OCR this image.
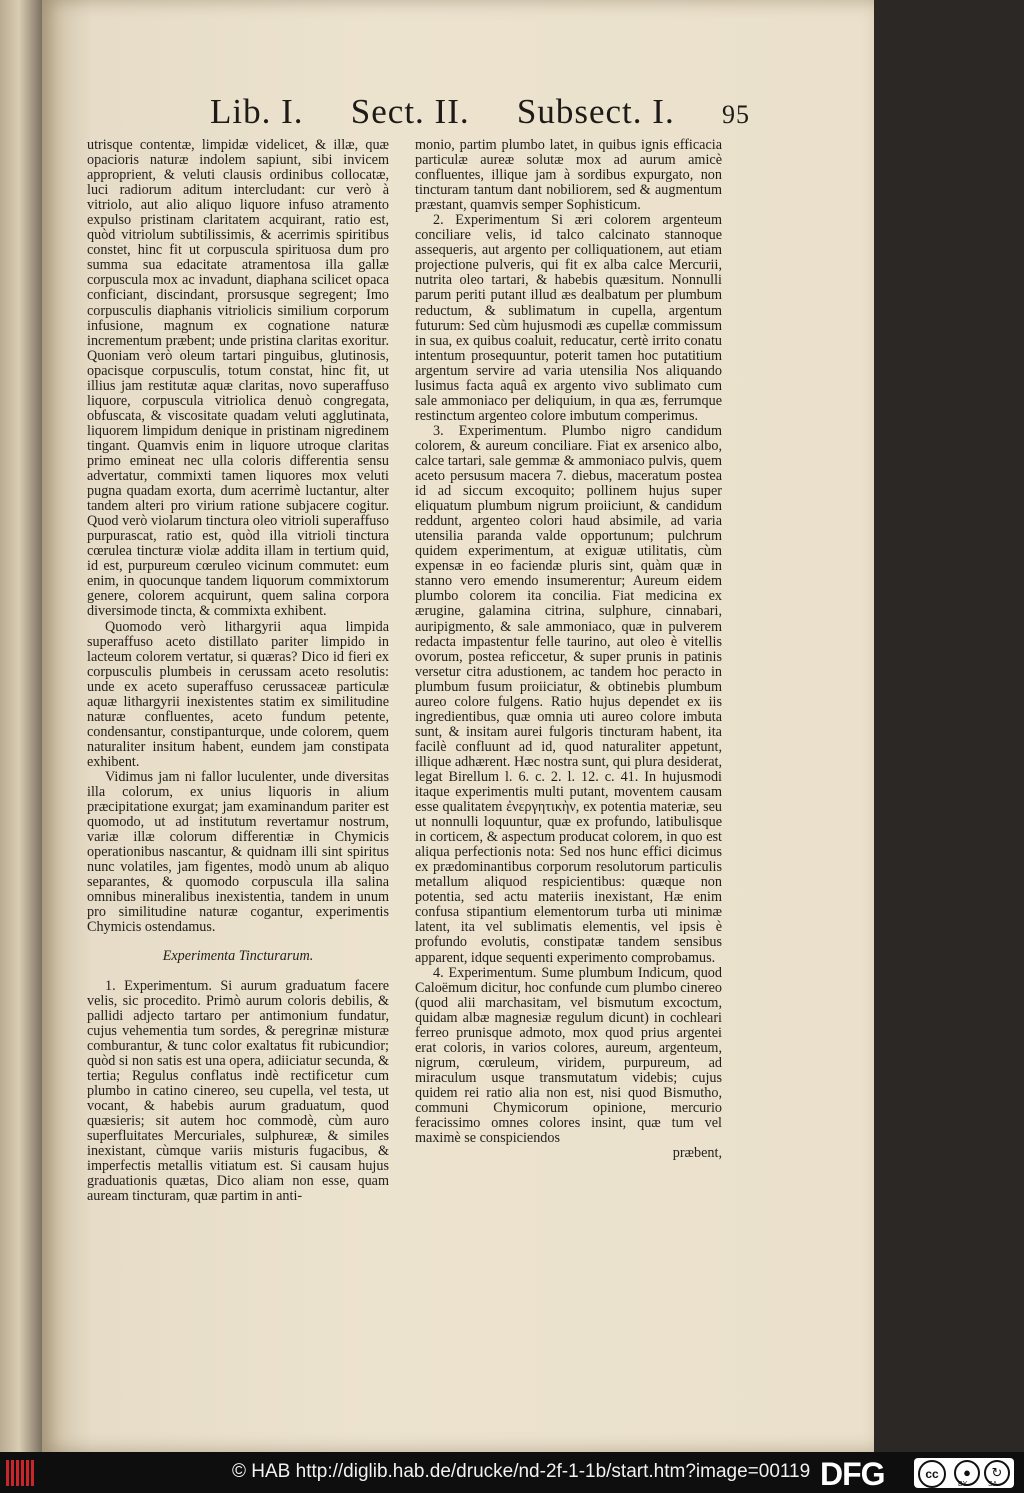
Lib. I. Sect. II. Subsect. I. 95

utrisque contentæ, limpidæ videlicet, & illæ, quæ opacioris naturæ indolem sapiunt, sibi invicem approprient, & veluti clausis ordinibus collocatæ, luci radiorum aditum intercludant: cur verò à vitriolo, aut alio aliquo liquore infuso atramento expulso pristinam claritatem acquirant, ratio est, quòd vitriolum subtilissimis, & acerrimis spiritibus constet, hinc fit ut corpuscula spirituosa dum pro summa sua edacitate atramentosa illa gallæ corpuscula mox ac invadunt, diaphana scilicet opaca conficiant, discindant, prorsusque segregent; Imo corpusculis diaphanis vitriolicis similium corporum infusione, magnum ex cognatione naturæ incrementum præbent; unde pristina claritas exoritur. Quoniam verò oleum tartari pinguibus, glutinosis, opacisque corpusculis, totum constat, hinc fit, ut illius jam restitutæ aquæ claritas, novo superaffuso liquore, corpuscula vitriolica denuò congregata, obfuscata, & viscositate quadam veluti agglutinata, liquorem limpidum denique in pristinam nigredinem tingant. Quamvis enim in liquore utroque claritas primo emineat nec ulla coloris differentia sensu advertatur, commixti tamen liquores mox veluti pugna quadam exorta, dum acerrimè luctantur, alter tandem alteri pro virium ratione subjacere cogitur. Quod verò violarum tinctura oleo vitrioli superaffuso purpurascat, ratio est, quòd illa vitrioli tinctura cœrulea tincturæ violæ addita illam in tertium quid, id est, purpureum cœruleo vicinum commutet: eum enim, in quocunque tandem liquorum commixtorum genere, colorem acquirunt, quem salina corpora diversimode tincta, & commixta exhibent.

Quomodo verò lithargyrii aqua limpida superaffuso aceto distillato pariter limpido in lacteum colorem vertatur, si quæras? Dico id fieri ex corpusculis plumbeis in cerussam aceto resolutis: unde ex aceto superaffuso cerussaceæ particulæ aquæ lithargyrii inexistentes statim ex similitudine naturæ confluentes, aceto fundum petente, condensantur, constipanturque, unde colorem, quem naturaliter insitum habent, eundem jam constipata exhibent.

Vidimus jam ni fallor luculenter, unde diversitas illa colorum, ex unius liquoris in alium præcipitatione exurgat; jam examinandum pariter est quomodo, ut ad institutum revertamur nostrum, variæ illæ colorum differentiæ in Chymicis operationibus nascantur, & quidnam illi sint spiritus nunc volatiles, jam figentes, modò unum ab aliquo separantes, & quomodo corpuscula illa salina omnibus mineralibus inexistentia, tandem in unum pro similitudine naturæ cogantur, experimentis Chymicis ostendamus.

Experimenta Tincturarum.

1. Experimentum. Si aurum graduatum facere velis, sic procedito. Primò aurum coloris debilis, & pallidi adjecto tartaro per antimonium fundatur, cujus vehementia tum sordes, & peregrinæ misturæ comburantur, & tunc color exaltatus fit rubicundior; quòd si non satis est una opera, adiiciatur secunda, & tertia; Regulus conflatus indè rectificetur cum plumbo in catino cinereo, seu cupella, vel testa, ut vocant, & habebis aurum graduatum, quod quæsieris; sit autem hoc commodè, cùm auro superfluitates Mercuriales, sulphureæ, & similes inexistant, cùmque variis misturis fugacibus, & imperfectis metallis vitiatum est. Si causam hujus graduationis quætas, Dico aliam non esse, quam auream tincturam, quæ partim in anti-

monio, partim plumbo latet, in quibus ignis efficacia particulæ aureæ solutæ mox ad aurum amicè confluentes, illique jam à sordibus expurgato, non tincturam tantum dant nobiliorem, sed & augmentum præstant, quamvis semper Sophisticum.

2. Experimentum Si æri colorem argenteum conciliare velis, id talco calcinato stannoque assequeris, aut argento per colliquationem, aut etiam projectione pulveris, qui fit ex alba calce Mercurii, nutrita oleo tartari, & habebis quæsitum. Nonnulli parum periti putant illud æs dealbatum per plumbum reductum, & sublimatum in cupella, argentum futurum: Sed cùm hujusmodi æs cupellæ commissum in sua, ex quibus coaluit, reducatur, certè irrito conatu intentum prosequuntur, poterit tamen hoc putatitium argentum servire ad varia utensilia Nos aliquando lusimus facta aquâ ex argento vivo sublimato cum sale ammoniaco per deliquium, in qua æs, ferrumque restinctum argenteo colore imbutum comperimus.

3. Experimentum. Plumbo nigro candidum colorem, & aureum conciliare. Fiat ex arsenico albo, calce tartari, sale gemmæ & ammoniaco pulvis, quem aceto persusum macera 7. diebus, maceratum postea id ad siccum excoquito; pollinem hujus super eliquatum plumbum nigrum proiiciunt, & candidum reddunt, argenteo colori haud absimile, ad varia utensilia paranda valde opportunum; pulchrum quidem experimentum, at exiguæ utilitatis, cùm expensæ in eo faciendæ pluris sint, quàm quæ in stanno vero emendo insumerentur; Aureum eidem plumbo colorem ita concilia. Fiat medicina ex ærugine, galamina citrina, sulphure, cinnabari, auripigmento, & sale ammoniaco, quæ in pulverem redacta impastentur felle taurino, aut oleo è vitellis ovorum, postea reficcetur, & super prunis in patinis versetur citra adustionem, ac tandem hoc peracto in plumbum fusum proiiciatur, & obtinebis plumbum aureo colore fulgens. Ratio hujus dependet ex iis ingredientibus, quæ omnia uti aureo colore imbuta sunt, & insitam aurei fulgoris tincturam habent, ita facilè confluunt ad id, quod naturaliter appetunt, illique adhærent. Hæc nostra sunt, qui plura desiderat, legat Birellum l. 6. c. 2. l. 12. c. 41. In hujusmodi itaque experimentis multi putant, moventem causam esse qualitatem ἐνεργητικὴν, ex potentia materiæ, seu ut nonnulli loquuntur, quæ ex profundo, latibulisque in corticem, & aspectum producat colorem, in quo est aliqua perfectionis nota: Sed nos hunc effici dicimus ex prædominantibus corporum resolutorum particulis metallum aliquod respicientibus: quæque non potentia, sed actu materiis inexistant, Hæ enim confusa stipantium elementorum turba uti minimæ latent, ita vel sublimatis elementis, vel ipsis è profundo evolutis, constipatæ tandem sensibus apparent, idque sequenti experimento comprobamus.

4. Experimentum. Sume plumbum Indicum, quod Caloëmum dicitur, hoc confunde cum plumbo cinereo (quod alii marchasitam, vel bismutum excoctum, quidam albæ magnesiæ regulum dicunt) in cochleari ferreo prunisque admoto, mox quod prius argentei erat coloris, in varios colores, aureum, argenteum, nigrum, cœruleum, viridem, purpureum, ad miraculum usque transmutatum videbis; cujus quidem rei ratio alia non est, nisi quod Bismutho, communi Chymicorum opinione, mercurio feracissimo omnes colores insint, quæ tum vel maximè se conspiciendos

præbent,

© HAB http://diglib.hab.de/drucke/nd-2f-1-1b/start.htm?image=00119 DFG	cc	●	↻
BY	SA
